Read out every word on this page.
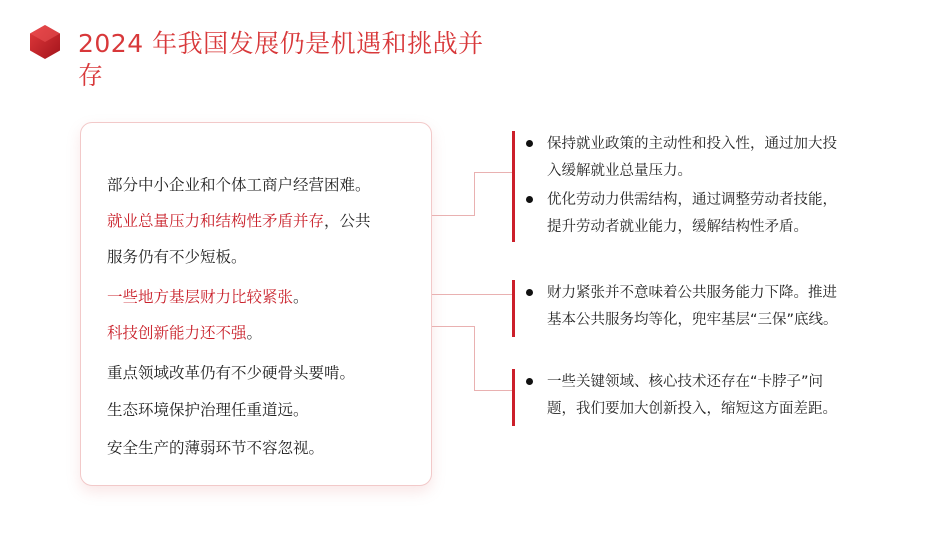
2024 年我国发展仍是机遇和挑战并
存
部分中小企业和个体工商户经营困难。
就业总量压力和结构性矛盾并存，公共
服务仍有不少短板。
一些地方基层财力比较紧张。
科技创新能力还不强。
重点领域改革仍有不少硬骨头要啃。
生态环境保护治理任重道远。
安全生产的薄弱环节不容忽视。
保持就业政策的主动性和投入性，通过加大投
入缓解就业总量压力。
优化劳动力供需结构，通过调整劳动者技能，
提升劳动者就业能力，缓解结构性矛盾。
财力紧张并不意味着公共服务能力下降。推进
基本公共服务均等化，兜牢基层“三保”底线。
一些关键领域、核心技术还存在“卡脖子”问
题，我们要加大创新投入，缩短这方面差距。
